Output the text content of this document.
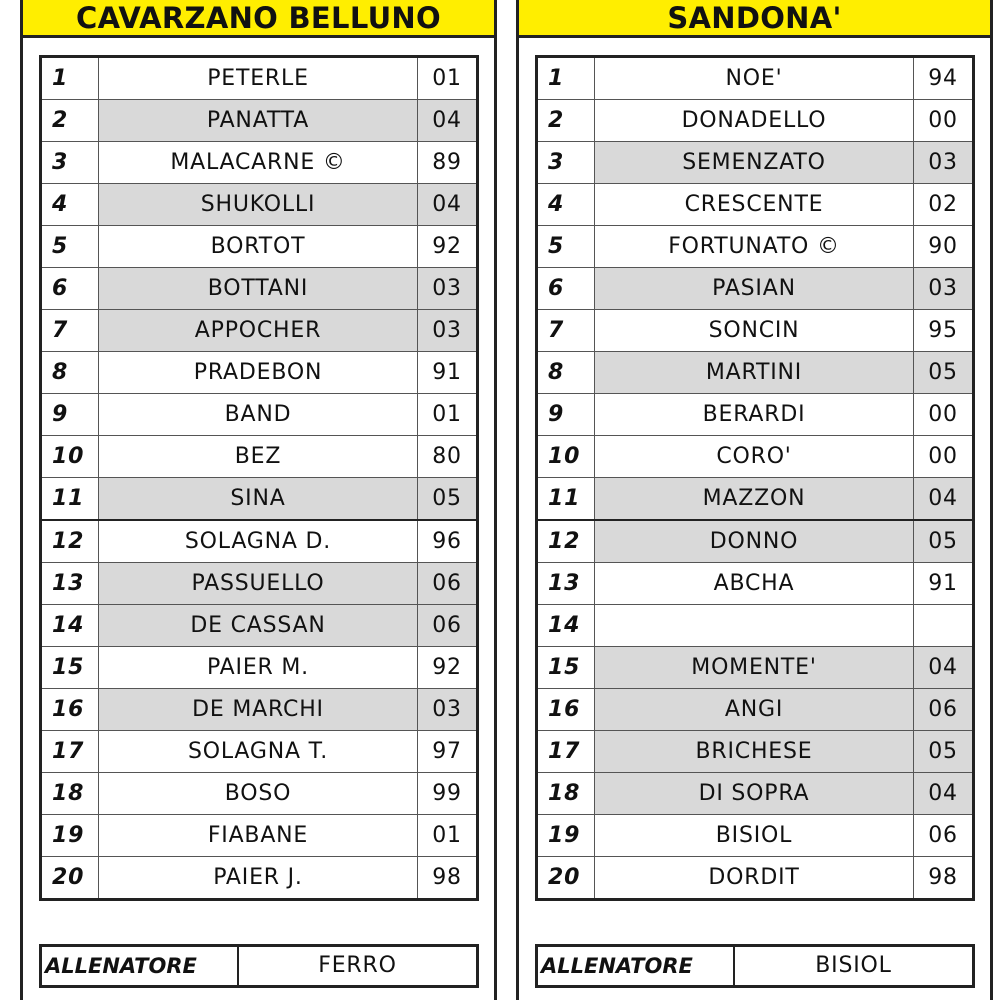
CAVARZANO BELLUNO
1	PETERLE	01
2	PANATTA	04
3	MALACARNE ©	89
4	SHUKOLLI	04
5	BORTOT	92
6	BOTTANI	03
7	APPOCHER	03
8	PRADEBON	91
9	BAND	01
10	BEZ	80
11	SINA	05
12	SOLAGNA D.	96
13	PASSUELLO	06
14	DE CASSAN	06
15	PAIER M.	92
16	DE MARCHI	03
17	SOLAGNA T.	97
18	BOSO	99
19	FIABANE	01
20	PAIER J.	98
ALLENATORE	FERRO
SANDONA'
1	NOE'	94
2	DONADELLO	00
3	SEMENZATO	03
4	CRESCENTE	02
5	FORTUNATO ©	90
6	PASIAN	03
7	SONCIN	95
8	MARTINI	05
9	BERARDI	00
10	CORO'	00
11	MAZZON	04
12	DONNO	05
13	ABCHA	91
14		
15	MOMENTE'	04
16	ANGI	06
17	BRICHESE	05
18	DI SOPRA	04
19	BISIOL	06
20	DORDIT	98
ALLENATORE	BISIOL
